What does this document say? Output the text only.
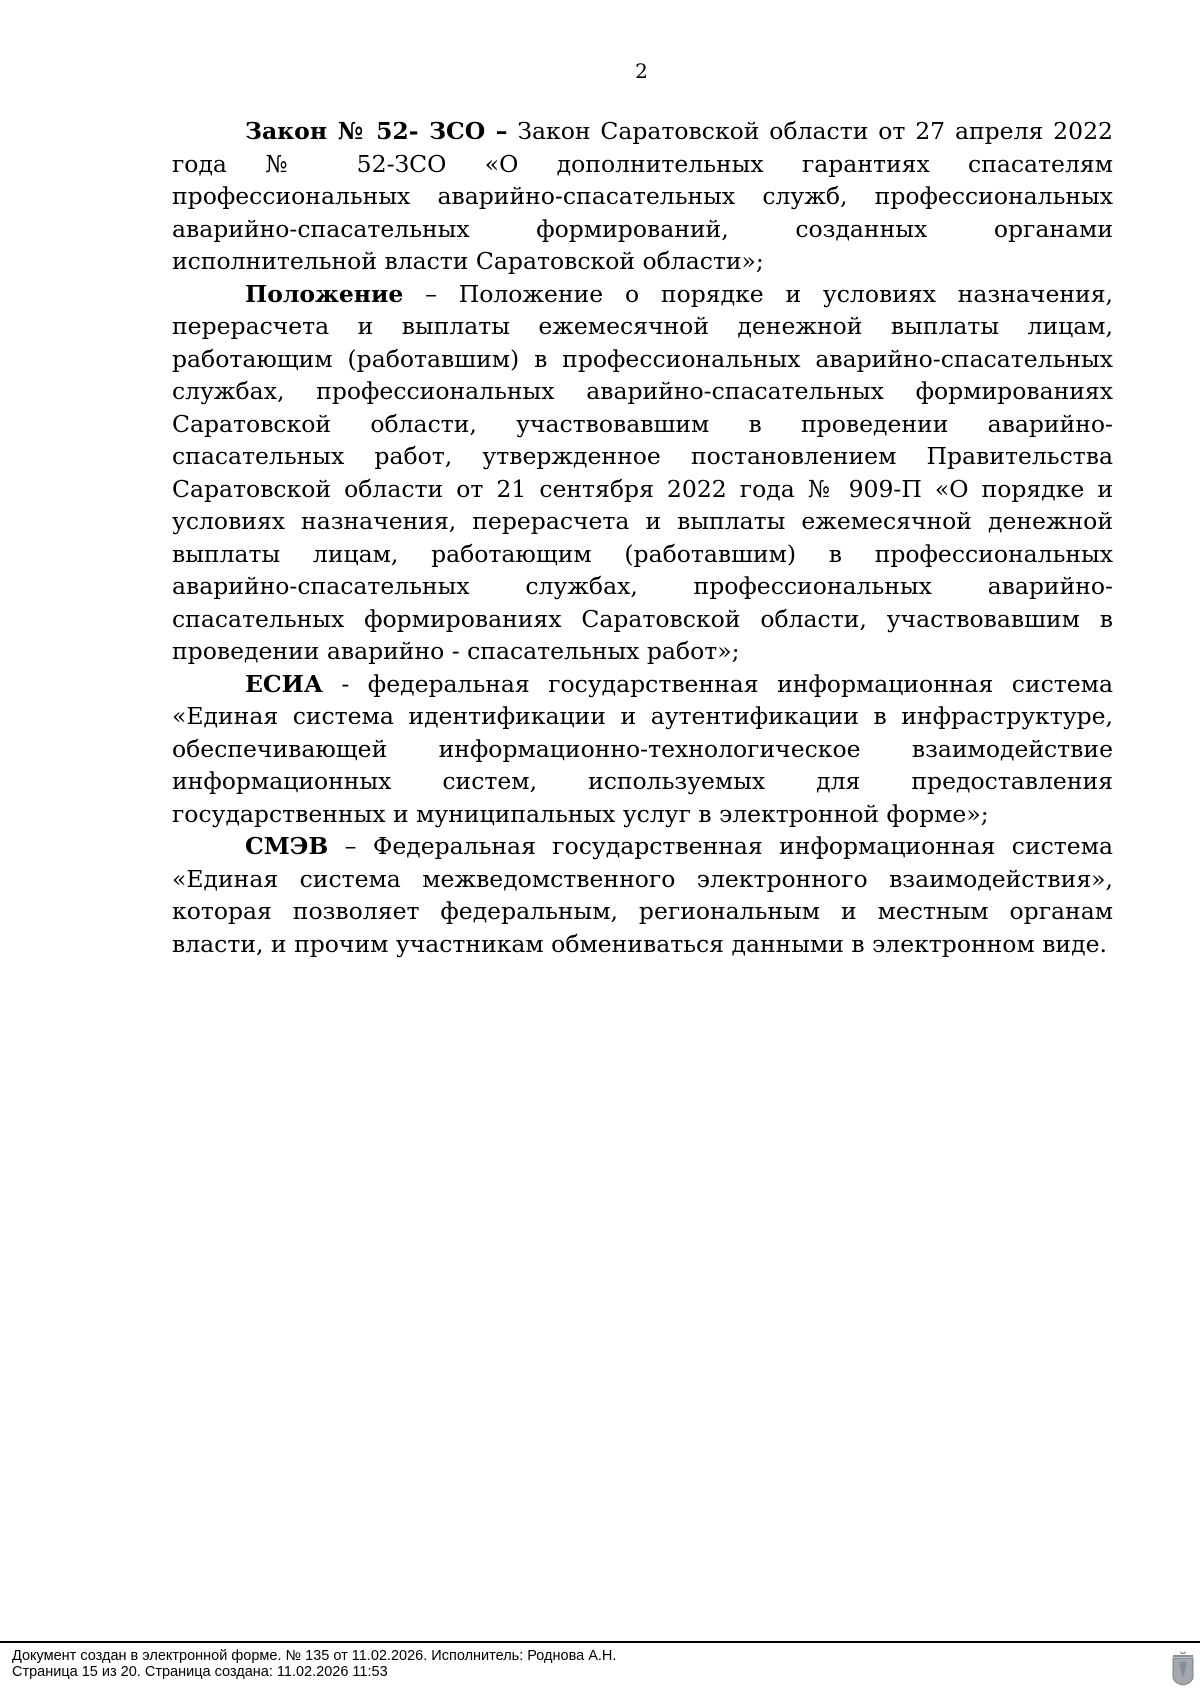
2

Закон № 52- ЗСО – Закон Саратовской области от 27 апреля 2022 года № 52-ЗСО «О дополнительных гарантиях спасателям профессиональных аварийно-спасательных служб, профессиональных аварийно-спасательных формирований, созданных органами исполнительной власти Саратовской области»;

Положение – Положение о порядке и условиях назначения, перерасчета и выплаты ежемесячной денежной выплаты лицам, работающим (работавшим) в профессиональных аварийно-спасательных службах, профессиональных аварийно-спасательных формированиях Саратовской области, участвовавшим в проведении аварийно-спасательных работ, утвержденное постановлением Правительства Саратовской области от 21 сентября 2022 года № 909-П «О порядке и условиях назначения, перерасчета и выплаты ежемесячной денежной выплаты лицам, работающим (работавшим) в профессиональных аварийно-спасательных службах, профессиональных аварийно-спасательных формированиях Саратовской области, участвовавшим в проведении аварийно - спасательных работ»;

ЕСИА - федеральная государственная информационная система «Единая система идентификации и аутентификации в инфраструктуре, обеспечивающей информационно-технологическое взаимодействие информационных систем, используемых для предоставления государственных и муниципальных услуг в электронной форме»;

СМЭВ – Федеральная государственная информационная система «Единая система межведомственного электронного взаимодействия», которая позволяет федеральным, региональным и местным органам власти, и прочим участникам обмениваться данными в электронном виде.

Документ создан в электронной форме. № 135 от 11.02.2026. Исполнитель: Роднова А.Н.
Страница 15 из 20. Страница создана: 11.02.2026 11:53
